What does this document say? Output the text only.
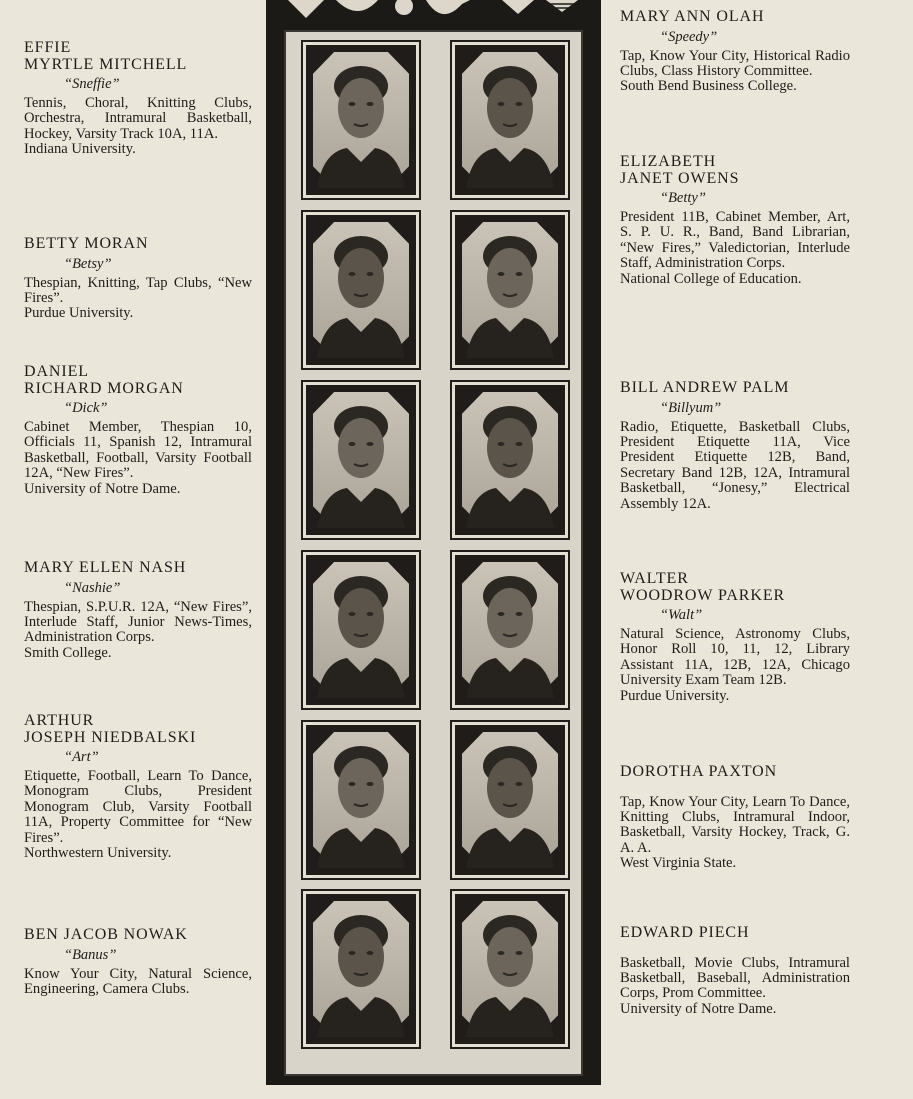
EFFIE
MYRTLE MITCHELL

“Sneffie”

Tennis, Choral, Knitting Clubs, Orchestra, Intramural Basketball, Hockey, Varsity Track 10A, 11A.

Indiana University.

BETTY MORAN

“Betsy”

Thespian, Knitting, Tap Clubs, “New Fires”.

Purdue University.

DANIEL
RICHARD MORGAN

“Dick”

Cabinet Member, Thespian 10, Officials 11, Spanish 12, Intramural Basketball, Football, Varsity Football 12A, “New Fires”.

University of Notre Dame.

MARY ELLEN NASH

“Nashie”

Thespian, S.P.U.R. 12A, “New Fires”, Interlude Staff, Junior News-Times, Administration Corps.

Smith College.

ARTHUR
JOSEPH NIEDBALSKI

“Art”

Etiquette, Football, Learn To Dance, Monogram Clubs, President Monogram Club, Varsity Football 11A, Property Committee for “New Fires”.

Northwestern University.

BEN JACOB NOWAK

“Banus”

Know Your City, Natural Science, Engineering, Camera Clubs.

MARY ANN OLAH

“Speedy”

Tap, Know Your City, Historical Radio Clubs, Class History Committee.

South Bend Business College.

ELIZABETH
JANET OWENS

“Betty”

President 11B, Cabinet Member, Art, S. P. U. R., Band, Band Librarian, “New Fires,” Valedictorian, Interlude Staff, Administration Corps.

National College of Education.

BILL ANDREW PALM

“Billyum”

Radio, Etiquette, Basketball Clubs, President Etiquette 11A, Vice President Etiquette 12B, Band, Secretary Band 12B, 12A, Intramural Basketball, “Jonesy,” Electrical Assembly 12A.

WALTER
WOODROW PARKER

“Walt”

Natural Science, Astronomy Clubs, Honor Roll 10, 11, 12, Library Assistant 11A, 12B, 12A, Chicago University Exam Team 12B.

Purdue University.

DOROTHA PAXTON

Tap, Know Your City, Learn To Dance, Knitting Clubs, Intramural Indoor, Basketball, Varsity Hockey, Track, G. A. A.

West Virginia State.

EDWARD PIECH

Basketball, Movie Clubs, Intramural Basketball, Baseball, Administration Corps, Prom Committee.

University of Notre Dame.
